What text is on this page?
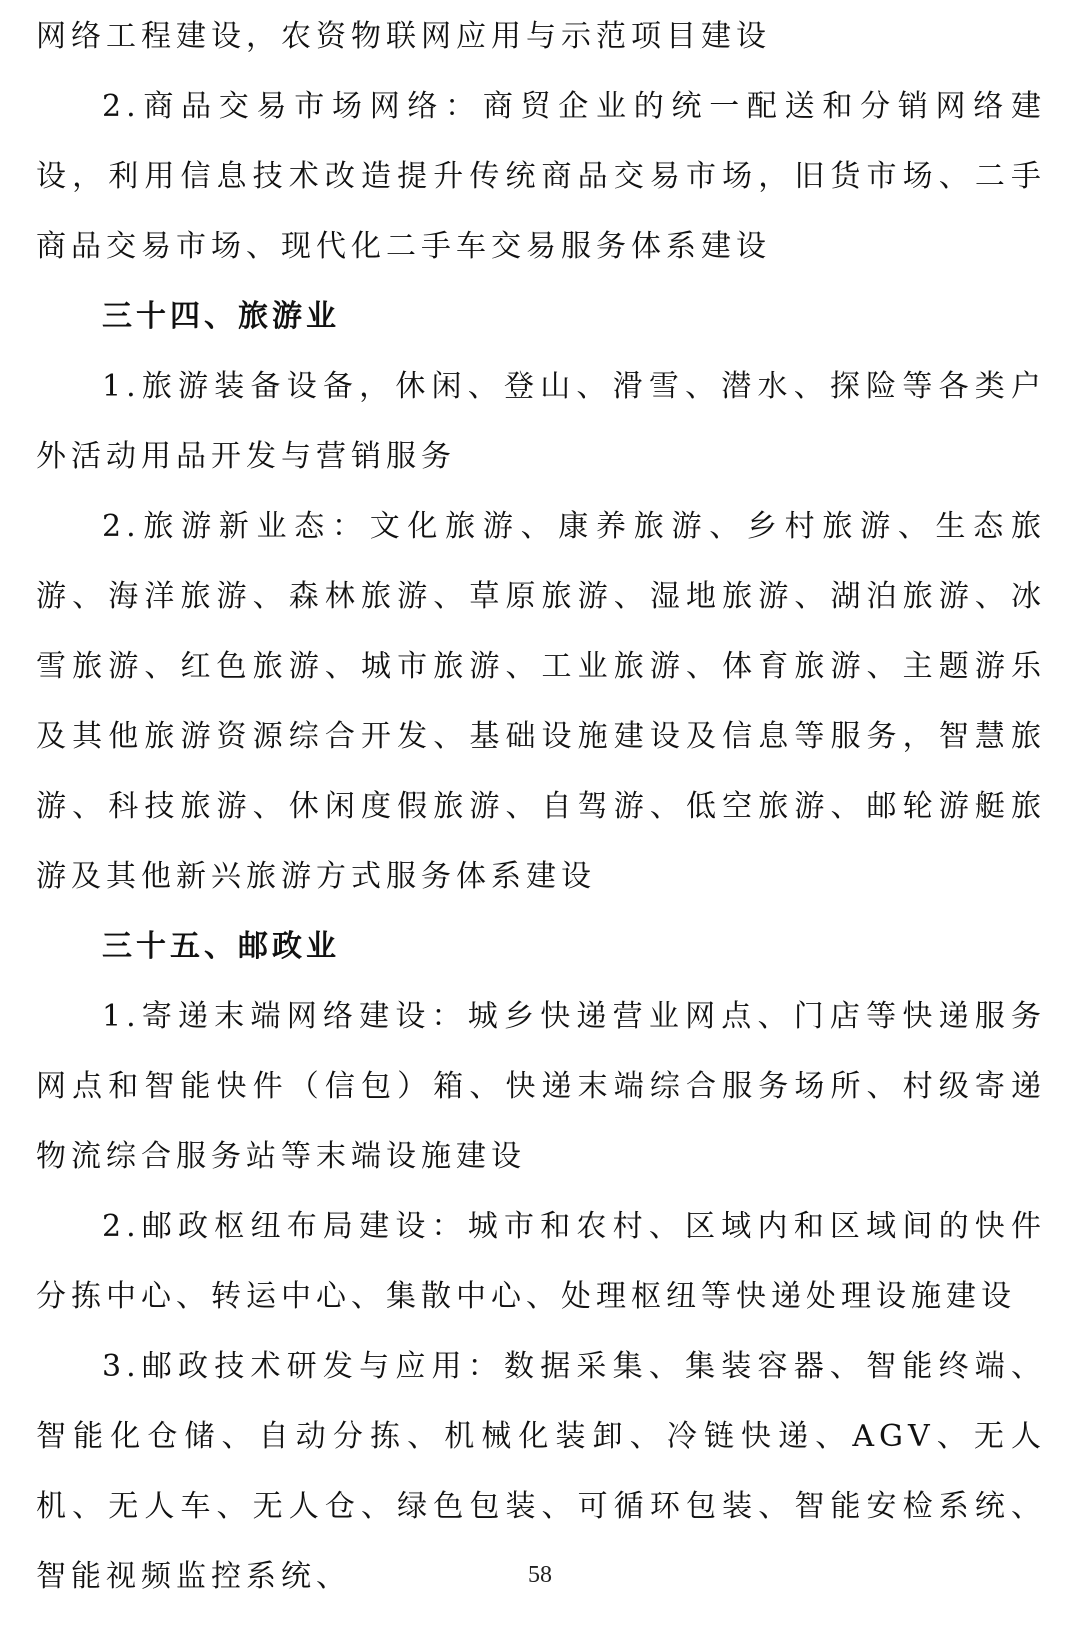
网络工程建设，农资物联网应用与示范项目建设

2.商品交易市场网络：商贸企业的统一配送和分销网络建设，利用信息技术改造提升传统商品交易市场，旧货市场、二手商品交易市场、现代化二手车交易服务体系建设

三十四、旅游业

1.旅游装备设备，休闲、登山、滑雪、潜水、探险等各类户外活动用品开发与营销服务

2.旅游新业态：文化旅游、康养旅游、乡村旅游、生态旅游、海洋旅游、森林旅游、草原旅游、湿地旅游、湖泊旅游、冰雪旅游、红色旅游、城市旅游、工业旅游、体育旅游、主题游乐及其他旅游资源综合开发、基础设施建设及信息等服务，智慧旅游、科技旅游、休闲度假旅游、自驾游、低空旅游、邮轮游艇旅游及其他新兴旅游方式服务体系建设

三十五、邮政业

1.寄递末端网络建设：城乡快递营业网点、门店等快递服务网点和智能快件（信包）箱、快递末端综合服务场所、村级寄递物流综合服务站等末端设施建设

2.邮政枢纽布局建设：城市和农村、区域内和区域间的快件分拣中心、转运中心、集散中心、处理枢纽等快递处理设施建设

3.邮政技术研发与应用：数据采集、集装容器、智能终端、智能化仓储、自动分拣、机械化装卸、冷链快递、AGV、无人机、无人车、无人仓、绿色包装、可循环包装、智能安检系统、智能视频监控系统、	58
